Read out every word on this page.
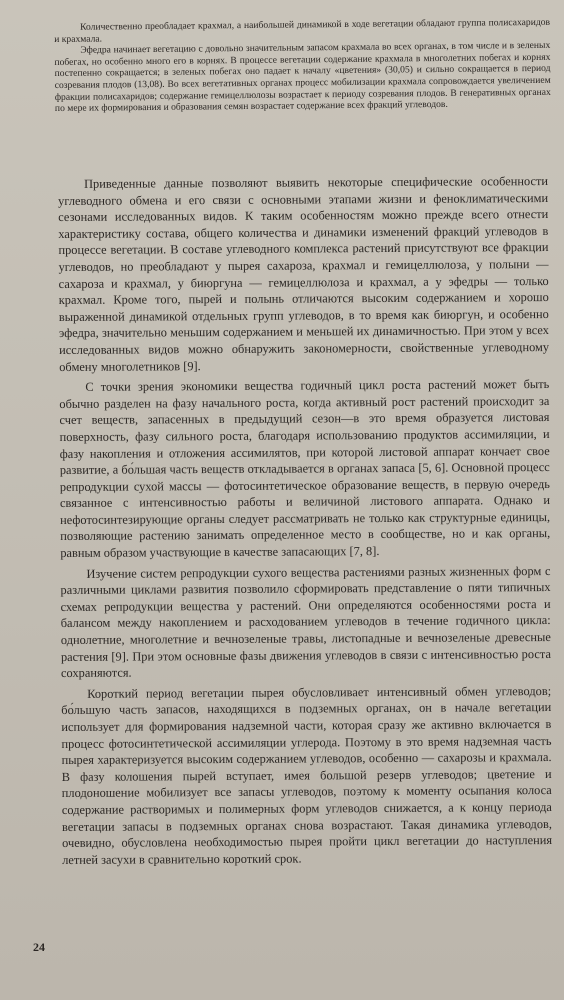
Количественно преобладает крахмал, а наибольшей динамикой в ходе вегетации обладают группа полисахаридов и крахмала.

Эфедра начинает вегетацию с довольно значительным запасом крахмала во всех органах, в том числе и в зеленых побегах, но особенно много его в корнях. В процессе вегетации содержание крахмала в многолетних побегах и корнях постепенно сокращается; в зеленых побегах оно падает к началу «цветения» (30,05) и сильно сокращается в период созревания плодов (13,08). Во всех вегетативных органах процесс мобилизации крахмала сопровождается увеличением фракции полисахаридов; содержание гемицеллюлозы возрастает к периоду созревания плодов. В генеративных органах по мере их формирования и образования семян возрастает содержание всех фракций углеводов.

Приведенные данные позволяют выявить некоторые специфические особенности углеводного обмена и его связи с основными этапами жизни и феноклиматическими сезонами исследованных видов. К таким особенностям можно прежде всего отнести характеристику состава, общего количества и динамики изменений фракций углеводов в процессе вегетации. В составе углеводного комплекса растений присутствуют все фракции углеводов, но преобладают у пырея сахароза, крахмал и гемицеллюлоза, у полыни — сахароза и крахмал, у биюргуна — гемицеллюлоза и крахмал, а у эфедры — только крахмал. Кроме того, пырей и полынь отличаются высоким содержанием и хорошо выраженной динамикой отдельных групп углеводов, в то время как биюргун, и особенно эфедра, значительно меньшим содержанием и меньшей их динамичностью. При этом у всех исследованных видов можно обнаружить закономерности, свойственные углеводному обмену многолетников [9].

С точки зрения экономики вещества годичный цикл роста растений может быть обычно разделен на фазу начального роста, когда активный рост растений происходит за счет веществ, запасенных в предыдущий сезон—в это время образуется листовая поверхность, фазу сильного роста, благодаря использованию продуктов ассимиляции, и фазу накопления и отложения ассимилятов, при которой листовой аппарат кончает свое развитие, а бо́льшая часть веществ откладывается в органах запаса [5, 6]. Основной процесс репродукции сухой массы — фотосинтетическое образование веществ, в первую очередь связанное с интенсивностью работы и величиной листового аппарата. Однако и нефотосинтезирующие органы следует рассматривать не только как структурные единицы, позволяющие растению занимать определенное место в сообществе, но и как органы, равным образом участвующие в качестве запасающих [7, 8].

Изучение систем репродукции сухого вещества растениями разных жизненных форм с различными циклами развития позволило сформировать представление о пяти типичных схемах репродукции вещества у растений. Они определяются особенностями роста и балансом между накоплением и расходованием углеводов в течение годичного цикла: однолетние, многолетние и вечнозеленые травы, листопадные и вечнозеленые древесные растения [9]. При этом основные фазы движения углеводов в связи с интенсивностью роста сохраняются.

Короткий период вегетации пырея обусловливает интенсивный обмен углеводов; бо́льшую часть запасов, находящихся в подземных органах, он в начале вегетации использует для формирования надземной части, которая сразу же активно включается в процесс фотосинтетической ассимиляции углерода. Поэтому в это время надземная часть пырея характеризуется высоким содержанием углеводов, особенно — сахарозы и крахмала. В фазу колошения пырей вступает, имея большой резерв углеводов; цветение и плодоношение мобилизует все запасы углеводов, поэтому к моменту осыпания колоса содержание растворимых и полимерных форм углеводов снижается, а к концу периода вегетации запасы в подземных органах снова возрастают. Такая динамика углеводов, очевидно, обусловлена необходимостью пырея пройти цикл вегетации до наступления летней засухи в сравнительно короткий срок.

24
